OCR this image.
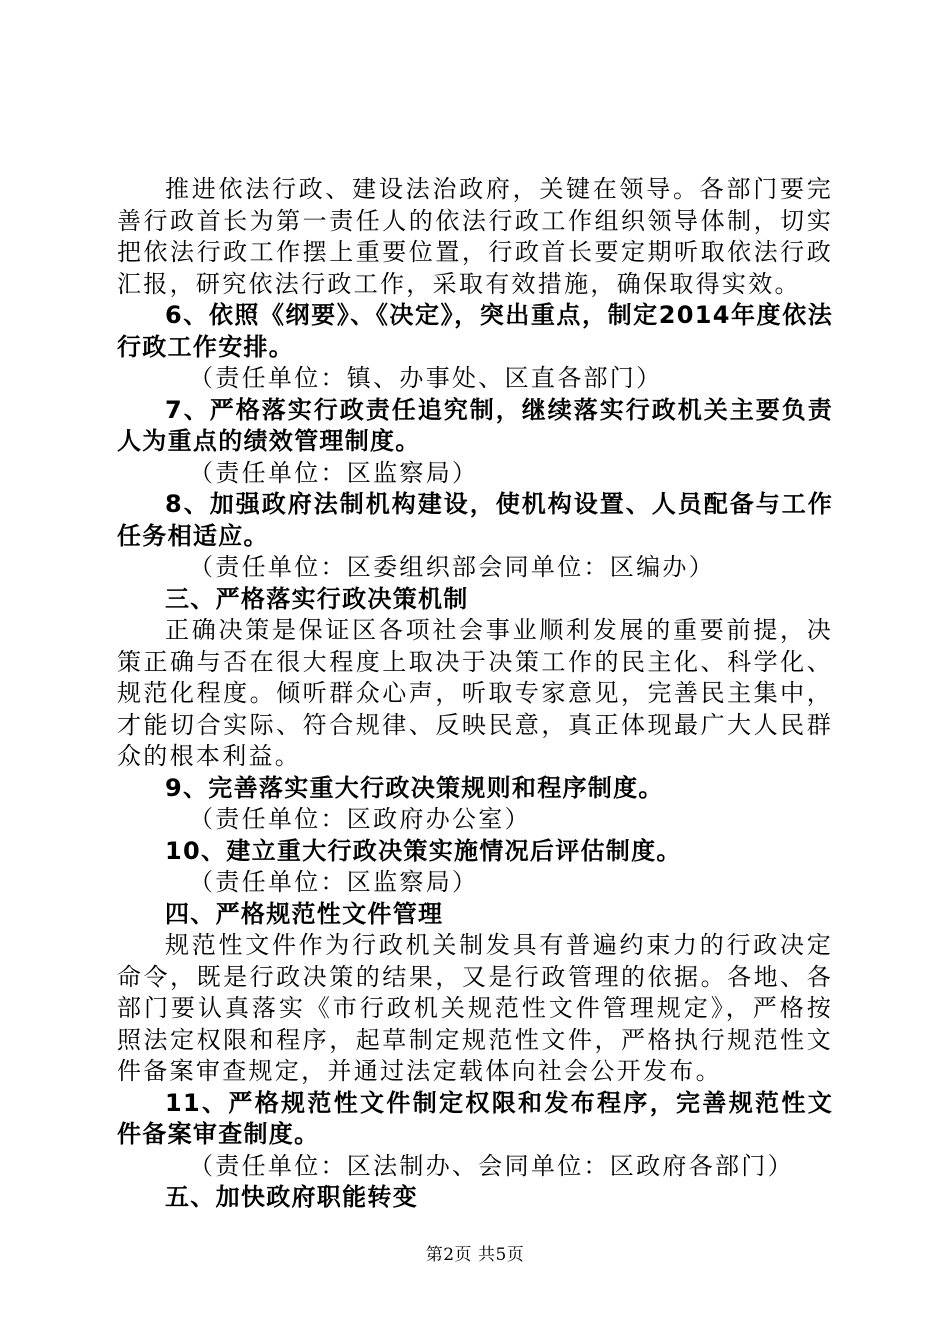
推进依法行政、建设法治政府，关键在领导。各部门要完善行政首长为第一责任人的依法行政工作组织领导体制，切实把依法行政工作摆上重要位置，行政首长要定期听取依法行政汇报，研究依法行政工作，采取有效措施，确保取得实效。

6、依照《纲要》、《决定》，突出重点，制定2014年度依法行政工作安排。

（责任单位：镇、办事处、区直各部门）

7、严格落实行政责任追究制，继续落实行政机关主要负责人为重点的绩效管理制度。

（责任单位：区监察局）

8、加强政府法制机构建设，使机构设置、人员配备与工作任务相适应。

（责任单位：区委组织部会同单位：区编办）

三、严格落实行政决策机制

正确决策是保证区各项社会事业顺利发展的重要前提，决策正确与否在很大程度上取决于决策工作的民主化、科学化、规范化程度。倾听群众心声，听取专家意见，完善民主集中，才能切合实际、符合规律、反映民意，真正体现最广大人民群众的根本利益。

9、完善落实重大行政决策规则和程序制度。

（责任单位：区政府办公室）

10、建立重大行政决策实施情况后评估制度。

（责任单位：区监察局）

四、严格规范性文件管理

规范性文件作为行政机关制发具有普遍约束力的行政决定命令，既是行政决策的结果，又是行政管理的依据。各地、各部门要认真落实《市行政机关规范性文件管理规定》，严格按照法定权限和程序，起草制定规范性文件，严格执行规范性文件备案审查规定，并通过法定载体向社会公开发布。

11、严格规范性文件制定权限和发布程序，完善规范性文件备案审查制度。

（责任单位：区法制办、会同单位：区政府各部门）

五、加快政府职能转变

第2页 共5页
